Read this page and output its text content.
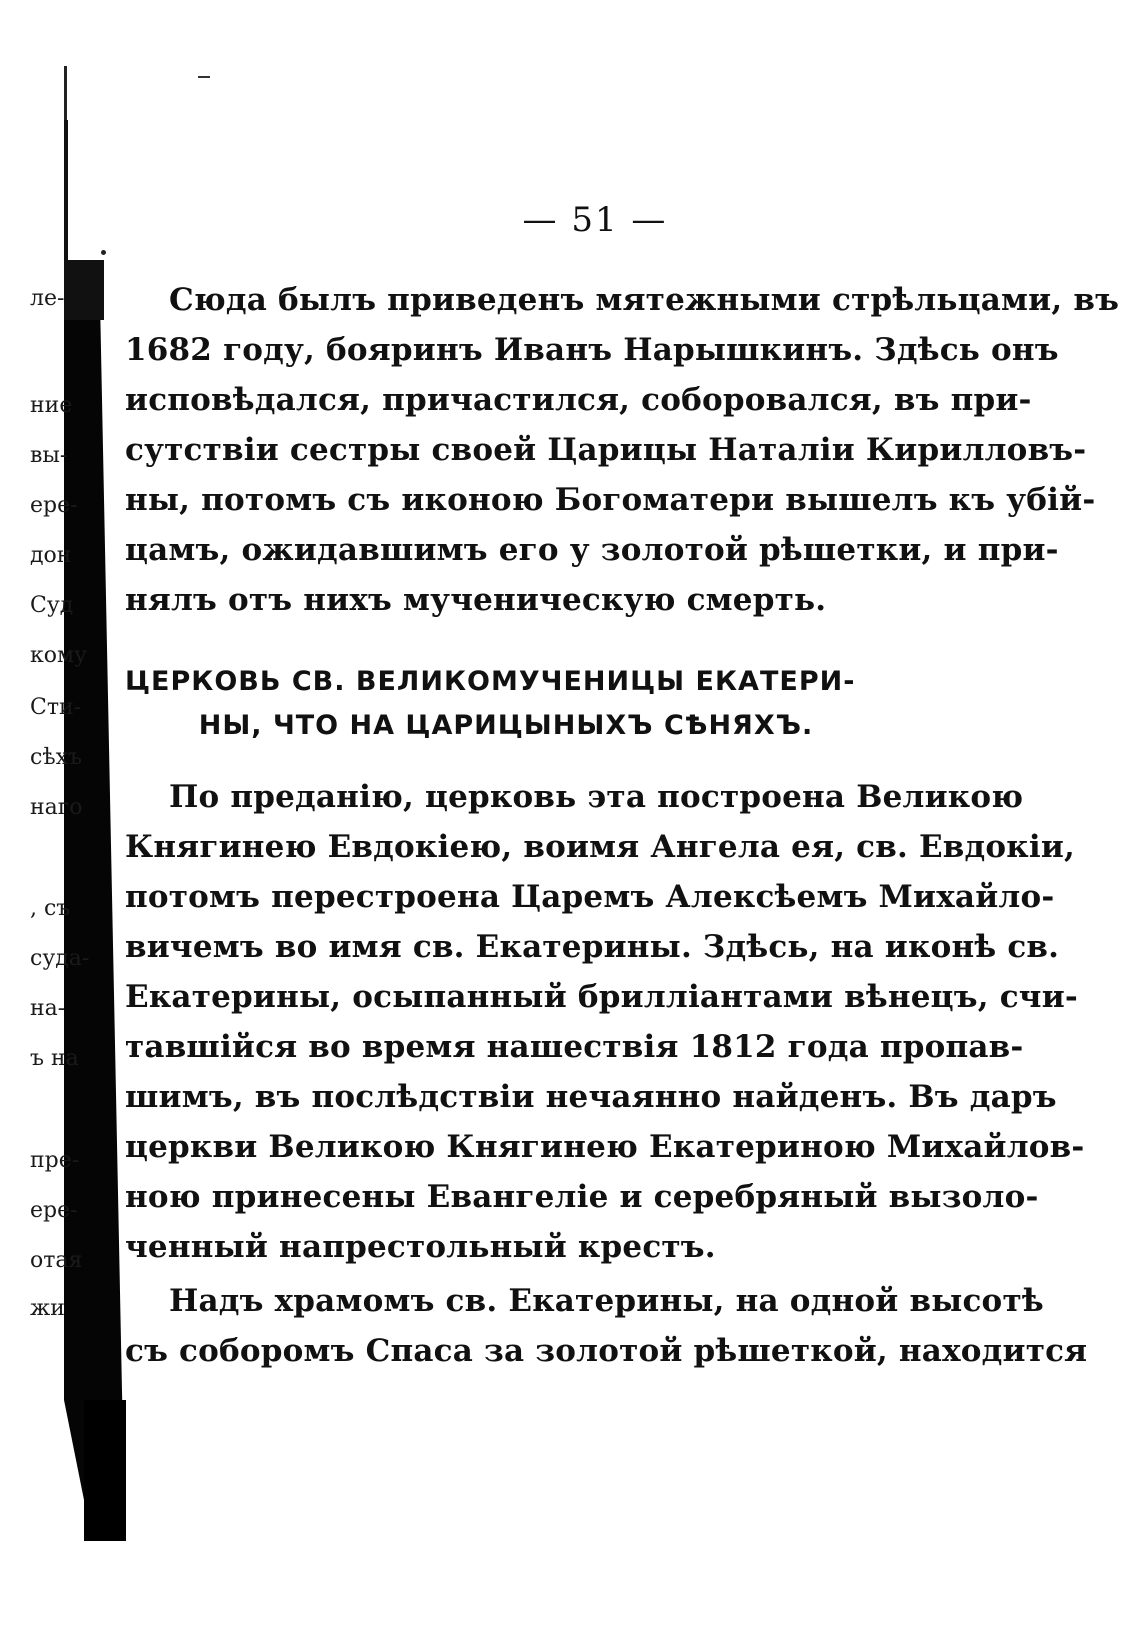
ле-
ние
вы-
ере-
дон
Суд
кому
Сти-
сѣхъ
наго
, съ
суда-
на-
ъ на
пре-
ере-
отая
жи
— 51 —
Сюда былъ приведенъ мятежными стрѣльцами, въ
1682 году, бояринъ Иванъ Нарышкинъ. Здѣсь онъ
исповѣдался, причастился, соборовался, въ при-
сутствіи сестры своей Царицы Наталіи Кирилловъ-
ны, потомъ съ иконою Богоматери вышелъ къ убій-
цамъ, ожидавшимъ его у золотой рѣшетки, и при-
нялъ отъ нихъ мученическую смерть.
ЦЕРКОВЬ СВ. ВЕЛИКОМУЧЕНИЦЫ ЕКАТЕРИ-
НЫ, ЧТО НА ЦАРИЦЫНЫХЪ СѢНЯХЪ.
По преданію, церковь эта построена Великою
Княгинею Евдокіею, воимя Ангела ея, св. Евдокіи,
потомъ перестроена Царемъ Алексѣемъ Михайло-
вичемъ во имя св. Екатерины. Здѣсь, на иконѣ св.
Екатерины, осыпанный брилліантами вѣнецъ, счи-
тавшійся во время нашествія 1812 года пропав-
шимъ, въ послѣдствіи нечаянно найденъ. Въ даръ
церкви Великою Княгинею Екатериною Михайлов-
ною принесены Евангеліе и серебряный вызоло-
ченный напрестольный крестъ.
Надъ храмомъ св. Екатерины, на одной высотѣ
съ соборомъ Спаса за золотой рѣшеткой, находится
